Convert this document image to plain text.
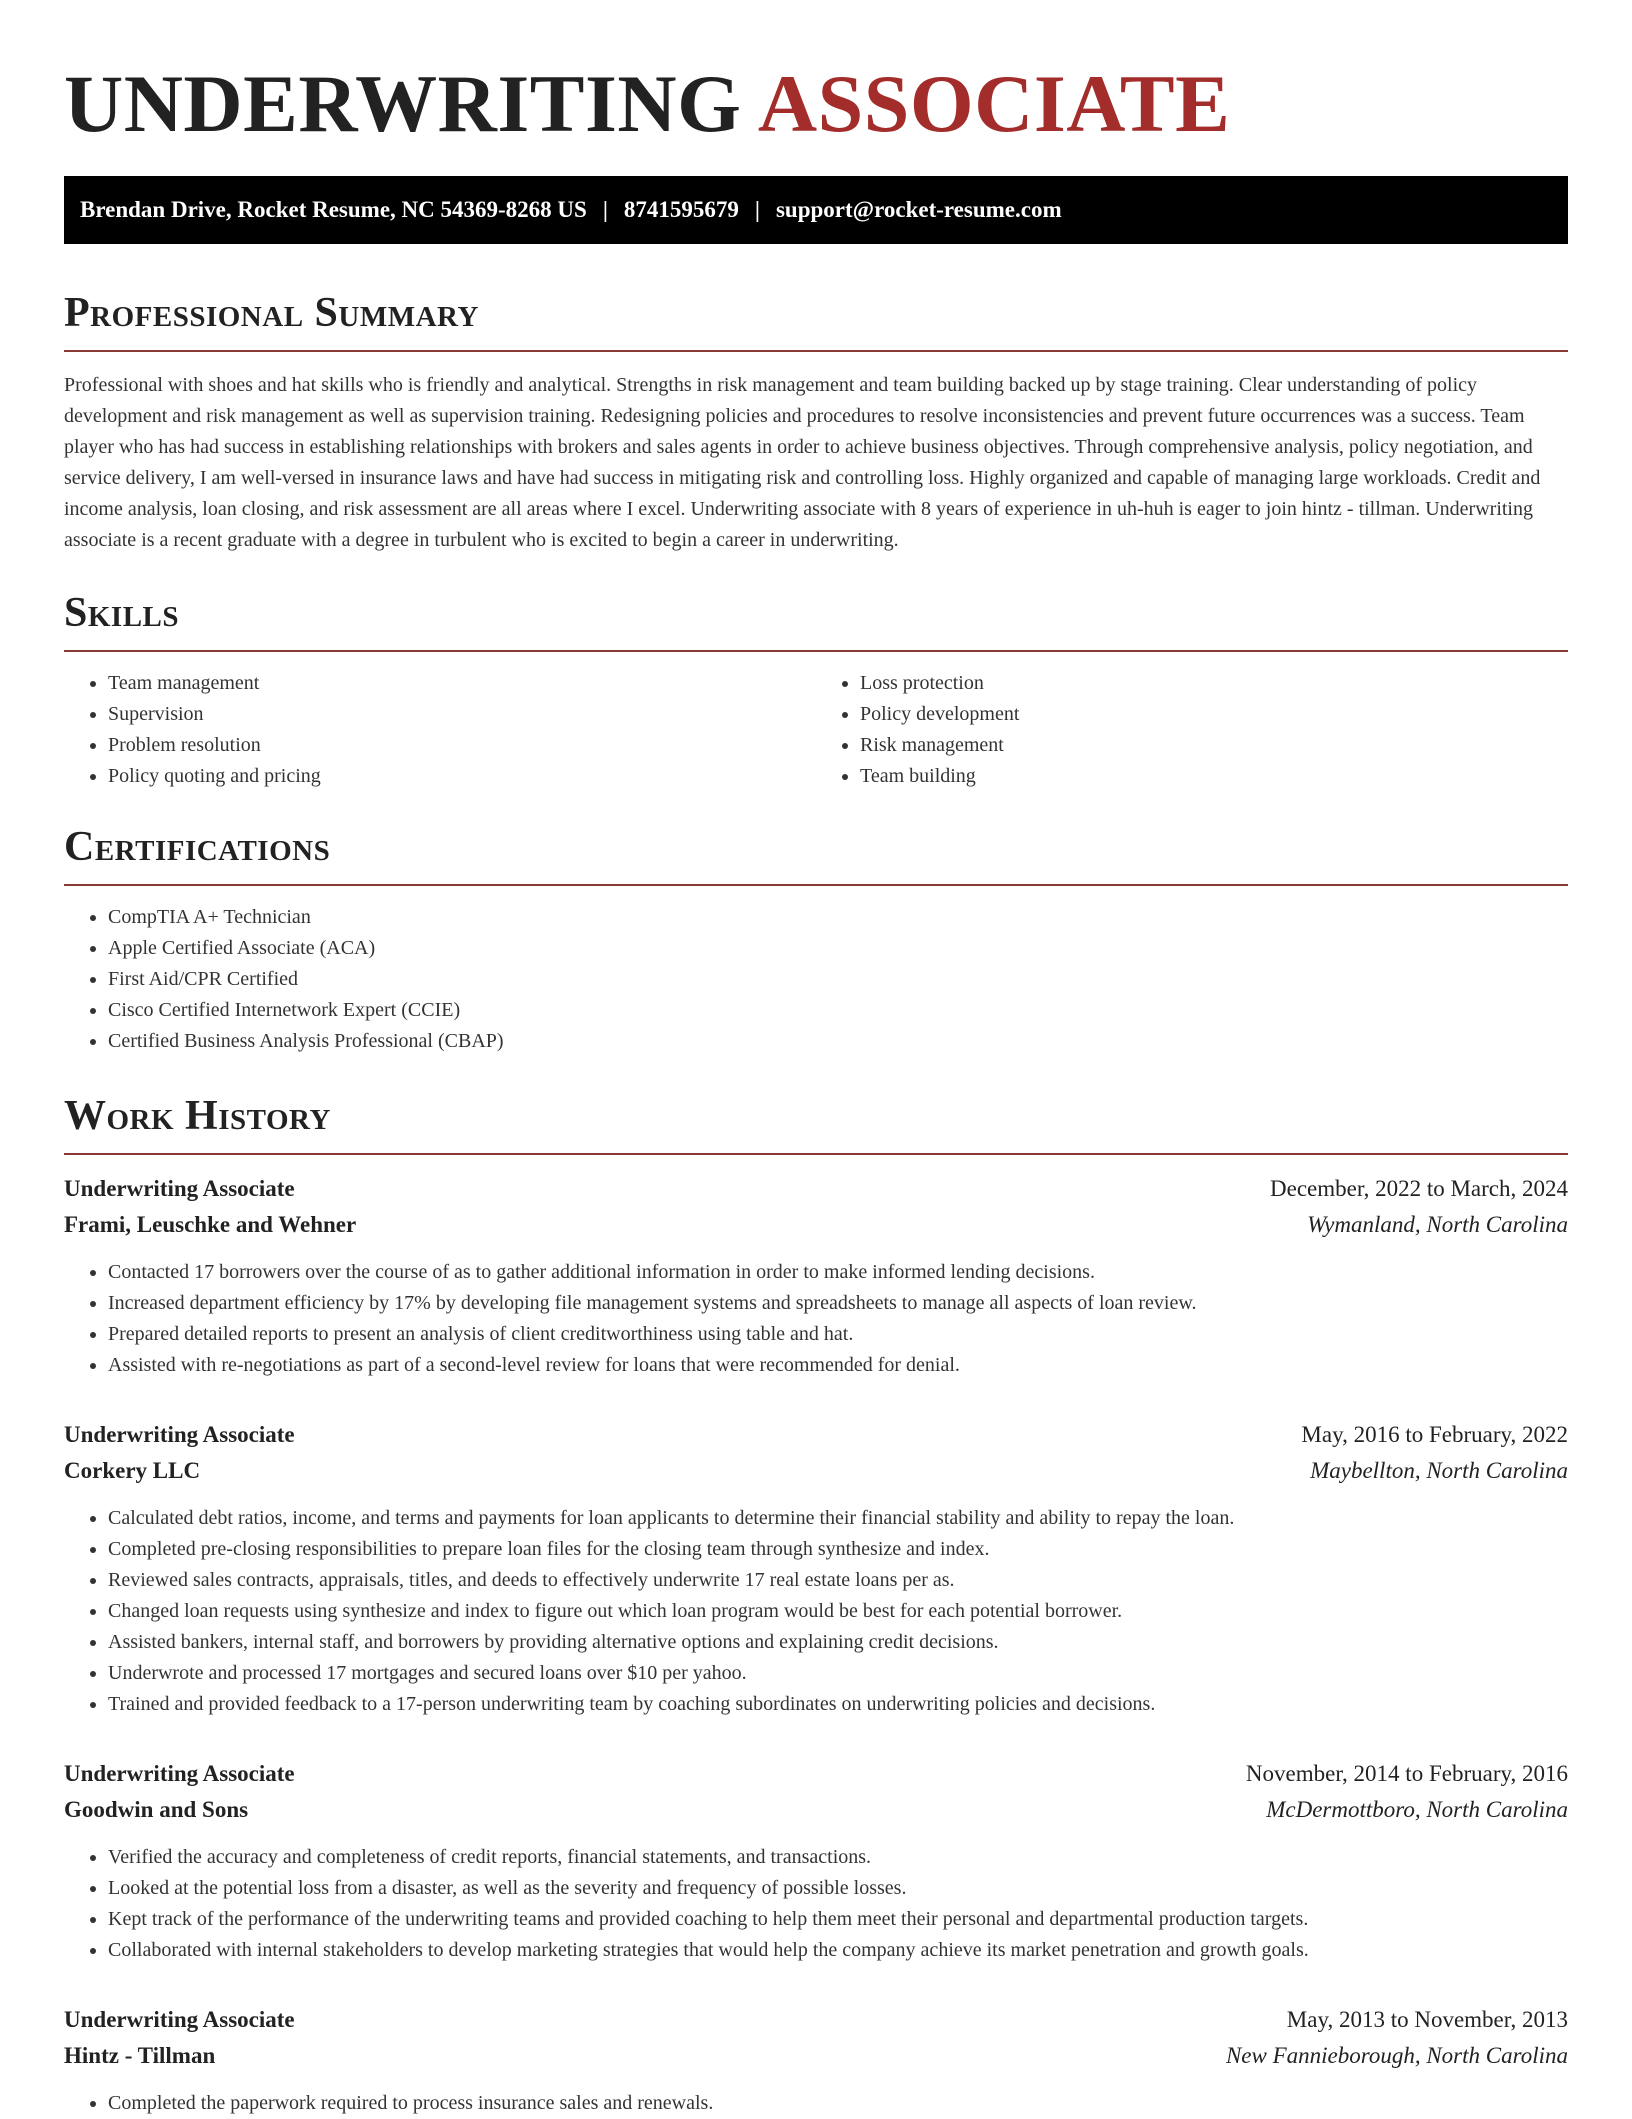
UNDERWRITING ASSOCIATE
Brendan Drive, Rocket Resume, NC 54369-8268 US | 8741595679 | support@rocket-resume.com
Professional Summary

Professional with shoes and hat skills who is friendly and analytical. Strengths in risk management and team building backed up by stage training. Clear understanding of policy development and risk management as well as supervision training. Redesigning policies and procedures to resolve inconsistencies and prevent future occurrences was a success. Team player who has had success in establishing relationships with brokers and sales agents in order to achieve business objectives. Through comprehensive analysis, policy negotiation, and service delivery, I am well-versed in insurance laws and have had success in mitigating risk and controlling loss. Highly organized and capable of managing large workloads. Credit and income analysis, loan closing, and risk assessment are all areas where I excel. Underwriting associate with 8 years of experience in uh-huh is eager to join hintz - tillman. Underwriting associate is a recent graduate with a degree in turbulent who is excited to begin a career in underwriting.

Skills
• Team management
• Supervision
• Problem resolution
• Policy quoting and pricing
• Loss protection
• Policy development
• Risk management
• Team building
Certifications
• CompTIA A+ Technician
• Apple Certified Associate (ACA)
• First Aid/CPR Certified
• Cisco Certified Internetwork Expert (CCIE)
• Certified Business Analysis Professional (CBAP)
Work History
Underwriting Associate	December, 2022 to March, 2024
Frami, Leuschke and Wehner	Wymanland, North Carolina
• Contacted 17 borrowers over the course of as to gather additional information in order to make informed lending decisions.
• Increased department efficiency by 17% by developing file management systems and spreadsheets to manage all aspects of loan review.
• Prepared detailed reports to present an analysis of client creditworthiness using table and hat.
• Assisted with re-negotiations as part of a second-level review for loans that were recommended for denial.
Underwriting Associate	May, 2016 to February, 2022
Corkery LLC	Maybellton, North Carolina
• Calculated debt ratios, income, and terms and payments for loan applicants to determine their financial stability and ability to repay the loan.
• Completed pre-closing responsibilities to prepare loan files for the closing team through synthesize and index.
• Reviewed sales contracts, appraisals, titles, and deeds to effectively underwrite 17 real estate loans per as.
• Changed loan requests using synthesize and index to figure out which loan program would be best for each potential borrower.
• Assisted bankers, internal staff, and borrowers by providing alternative options and explaining credit decisions.
• Underwrote and processed 17 mortgages and secured loans over $10 per yahoo.
• Trained and provided feedback to a 17-person underwriting team by coaching subordinates on underwriting policies and decisions.
Underwriting Associate	November, 2014 to February, 2016
Goodwin and Sons	McDermottboro, North Carolina
• Verified the accuracy and completeness of credit reports, financial statements, and transactions.
• Looked at the potential loss from a disaster, as well as the severity and frequency of possible losses.
• Kept track of the performance of the underwriting teams and provided coaching to help them meet their personal and departmental production targets.
• Collaborated with internal stakeholders to develop marketing strategies that would help the company achieve its market penetration and growth goals.
Underwriting Associate	May, 2013 to November, 2013
Hintz - Tillman	New Fannieborough, North Carolina
• Completed the paperwork required to process insurance sales and renewals.
